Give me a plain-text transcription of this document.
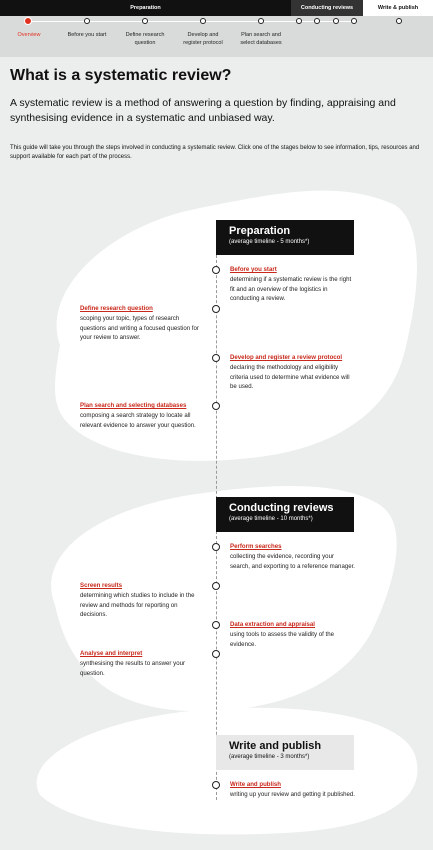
Preparation	Conducting reviews	Write & publish
Overview	Before you start	Define research
question
Develop and
register protocol
Plan search and
select databases
What is a systematic review?

A systematic review is a method of answering a question by finding, appraising and synthesising evidence in a systematic and unbiased way.

This guide will take you through the steps involved in conducting a systematic review. Click one of the stages below to see information, tips, resources and support available for each part of the process.

Preparation
(average timeline - 5 months*)
Before you start
determining if a systematic review is the right fit and an overview of the logistics in conducting a review.
Define research question
scoping your topic, types of research questions and writing a focused question for your review to answer.
Develop and register a review protocol
declaring the methodology and eligibility criteria used to determine what evidence will be used.
Plan search and selecting databases
composing a search strategy to locate all relevant evidence to answer your question.
Conducting reviews
(average timeline - 10 months*)
Perform searches
collecting the evidence, recording your search, and exporting to a reference manager.
Screen results
determining which studies to include in the review and methods for reporting on decisions.
Data extraction and appraisal
using tools to assess the validity of the evidence.
Analyse and interpret
synthesising the results to answer your question.
Write and publish
(average timeline - 3 months*)
Write and publish
writing up your review and getting it published.
